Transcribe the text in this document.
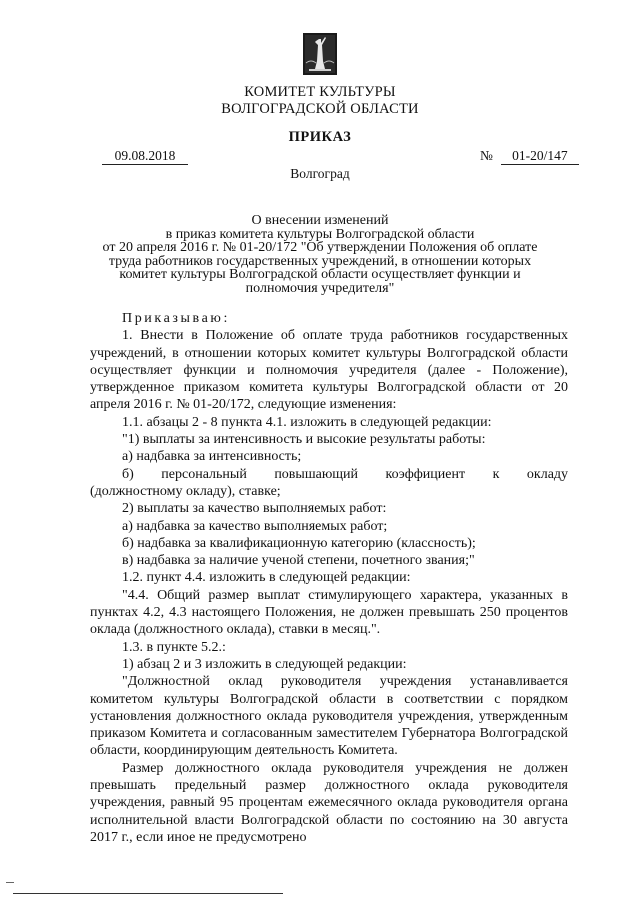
КОМИТЕТ КУЛЬТУРЫ
ВОЛГОГРАДСКОЙ ОБЛАСТИ
ПРИКАЗ
09.08.2018	№ 01-20/147
Волгоград
О внесении изменений
в приказ комитета культуры Волгоградской области
от 20 апреля 2016 г. № 01-20/172 "Об утверждении Положения об оплате
труда работников государственных учреждений, в отношении которых
комитет культуры Волгоградской области осуществляет функции и
полномочия учредителя"

Приказываю:

1. Внести в Положение об оплате труда работников государственных учреждений, в отношении которых комитет культуры Волгоградской области осуществляет функции и полномочия учредителя (далее - Положение), утвержденное приказом комитета культуры Волгоградской области от 20 апреля 2016 г. № 01-20/172, следующие изменения:

1.1. абзацы 2 - 8 пункта 4.1. изложить в следующей редакции:

"1) выплаты за интенсивность и высокие результаты работы:

а) надбавка за интенсивность;

б) персональный повышающий коэффициент к окладу

(должностному окладу), ставке;

2) выплаты за качество выполняемых работ:

а) надбавка за качество выполняемых работ;

б) надбавка за квалификационную категорию (классность);

в) надбавка за наличие ученой степени, почетного звания;"

1.2. пункт 4.4. изложить в следующей редакции:

"4.4. Общий размер выплат стимулирующего характера, указанных в пунктах 4.2, 4.3 настоящего Положения, не должен превышать 250 процентов оклада (должностного оклада), ставки в месяц.".

1.3. в пункте 5.2.:

1) абзац 2 и 3 изложить в следующей редакции:

"Должностной оклад руководителя учреждения устанавливается комитетом культуры Волгоградской области в соответствии с порядком установления должностного оклада руководителя учреждения, утвержденным приказом Комитета и согласованным заместителем Губернатора Волгоградской области, координирующим деятельность Комитета.

Размер должностного оклада руководителя учреждения не должен превышать предельный размер должностного оклада руководителя учреждения, равный 95 процентам ежемесячного оклада руководителя органа исполнительной власти Волгоградской области по состоянию на 30 августа 2017 г., если иное не предусмотрено
